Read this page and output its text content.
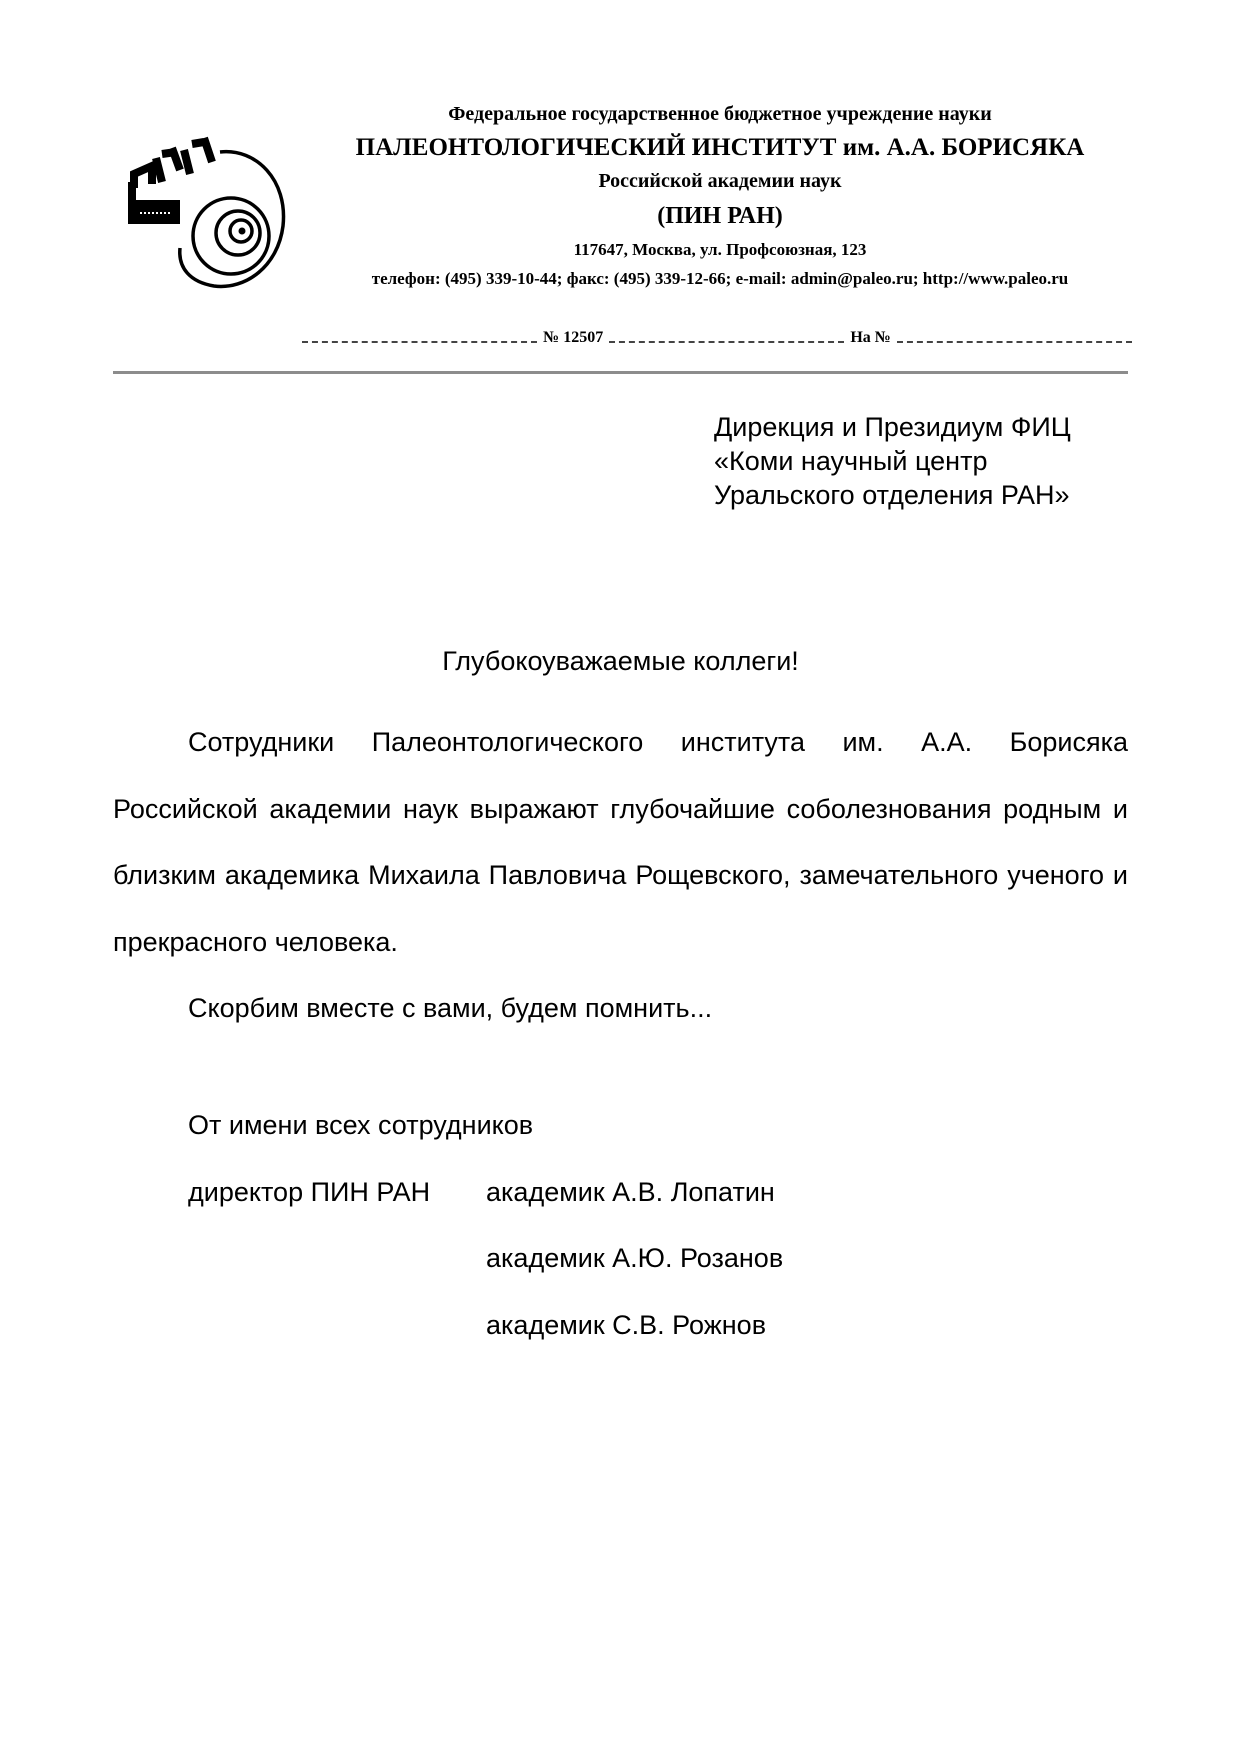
Федеральное государственное бюджетное учреждение науки
ПАЛЕОНТОЛОГИЧЕСКИЙ ИНСТИТУТ им. А.А. БОРИСЯКА
Российской академии наук
(ПИН РАН)
117647, Москва, ул. Профсоюзная, 123
телефон: (495) 339-10-44; факс: (495) 339-12-66; e-mail: admin@paleo.ru; http://www.paleo.ru
№ 12507	На №
Дирекция и Президиум ФИЦ
«Коми научный центр
Уральского отделения РАН»
Глубокоуважаемые коллеги!

Сотрудники Палеонтологического института им. А.А. Борисяка Российской академии наук выражают глубочайшие соболезнования родным и близким академика Михаила Павловича Рощевского, замечательного ученого и прекрасного человека.

Скорбим вместе с вами, будем помнить...

От имени всех сотрудников
директор ПИН РАН академик А.В. Лопатин
академик А.Ю. Розанов
академик С.В. Рожнов
